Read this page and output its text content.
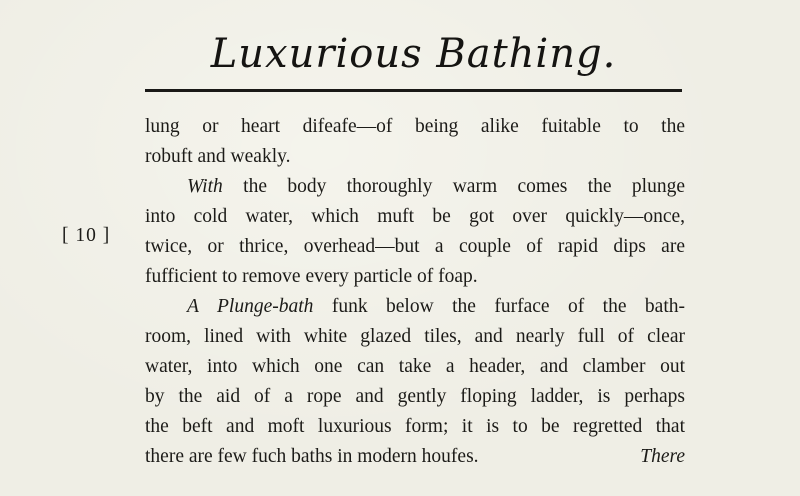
Luxurious Bathing.
[ 10 ]
lung or heart difeafe—of being alike fuitable to the
robuft and weakly.
With the body thoroughly warm comes the plunge
into cold water, which muft be got over quickly—once,
twice, or thrice, overhead—but a couple of rapid dips are
fufficient to remove every particle of foap.
A Plunge-bath funk below the furface of the bath-
room, lined with white glazed tiles, and nearly full of clear
water, into which one can take a header, and clamber out
by the aid of a rope and gently floping ladder, is perhaps
the beft and moft luxurious form; it is to be regretted that
there are few fuch baths in modern houfes.	There
